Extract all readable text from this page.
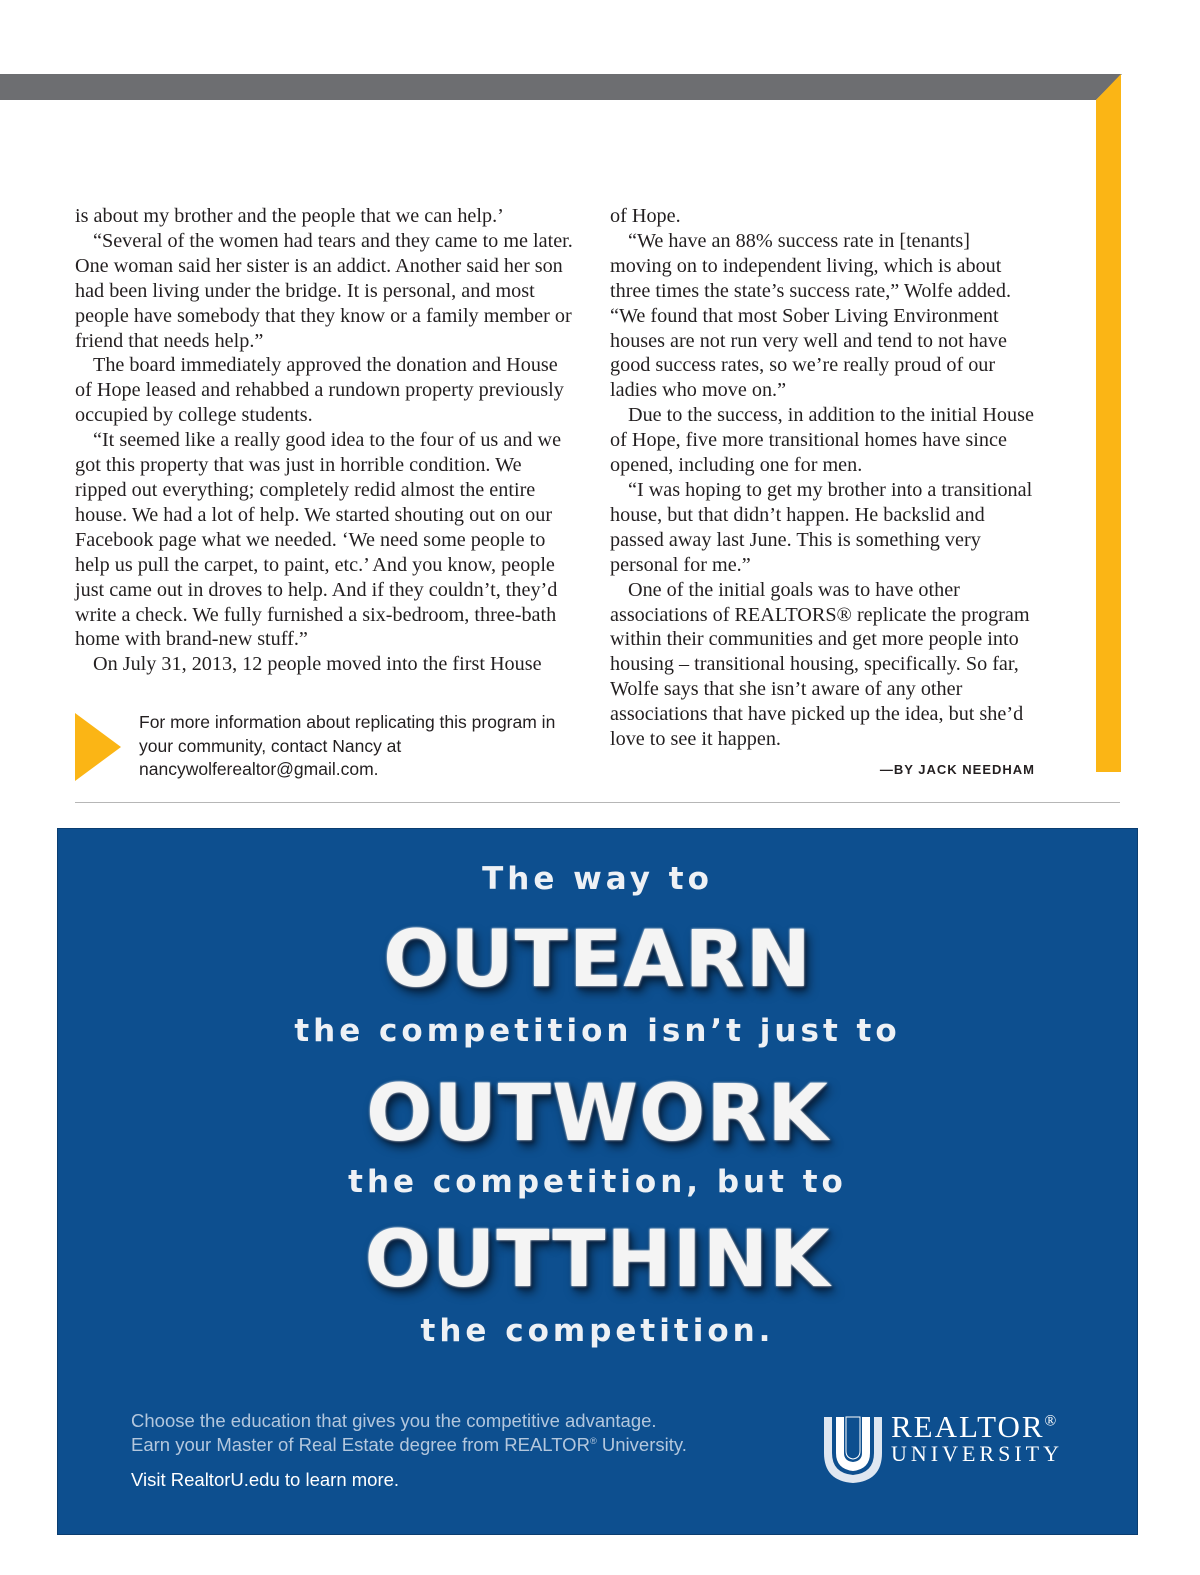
is about my brother and the people that we can help.’

“Several of the women had tears and they came to me later. One woman said her sister is an addict. Another said her son had been living under the bridge. It is personal, and most people have somebody that they know or a family member or friend that needs help.”

The board immediately approved the donation and House of Hope leased and rehabbed a rundown property previously occupied by college students.

“It seemed like a really good idea to the four of us and we got this property that was just in horrible condition. We ripped out everything; completely redid almost the entire house. We had a lot of help. We started shouting out on our Facebook page what we needed. ‘We need some people to help us pull the carpet, to paint, etc.’ And you know, people just came out in droves to help. And if they couldn’t, they’d write a check. We fully furnished a six-bedroom, three-bath home with brand-new stuff.”

On July 31, 2013, 12 people moved into the first House

of Hope.

“We have an 88% success rate in [tenants] moving on to independent living, which is about three times the state’s success rate,” Wolfe added. “We found that most Sober Living Environment houses are not run very well and tend to not have good success rates, so we’re really proud of our ladies who move on.”

Due to the success, in addition to the initial House of Hope, five more transitional homes have since opened, including one for men.

“I was hoping to get my brother into a transitional house, but that didn’t happen. He backslid and passed away last June. This is something very personal for me.”

One of the initial goals was to have other associations of REALTORS® replicate the program within their communities and get more people into housing – transitional housing, specifically. So far, Wolfe says that she isn’t aware of any other associations that have picked up the idea, but she’d love to see it happen.

—BY JACK NEEDHAM
For more information about replicating this program in your community, contact Nancy at nancywolferealtor@gmail.com.
The way to
OUTEARN
the competition isn’t just to
OUTWORK
the competition, but to
OUTTHINK
the competition.
Choose the education that gives you the competitive advantage.
Earn your Master of Real Estate degree from REALTOR® University.
Visit RealtorU.edu to learn more.
REALTOR®
UNIVERSITY
